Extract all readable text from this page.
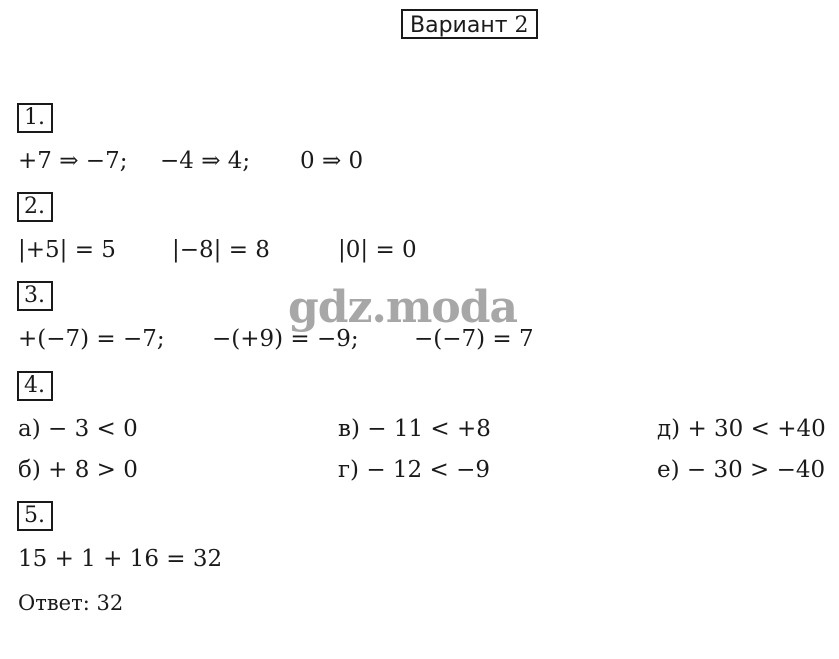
Вариант 2
1.
+7 ⇒ −7; −4 ⇒ 4; 0 ⇒ 0
2.
|+5| = 5 |−8| = 8	|0| = 0
3.
+(−7) = −7; −(+9) = −9; −(−7) = 7
gdz.moda
4.
а) − 3 < 0	в) − 11 < +8	д) + 30 < +40
б) + 8 > 0	г) − 12 < −9	е) − 30 > −40
5.
15 + 1 + 16 = 32
Ответ: 32
